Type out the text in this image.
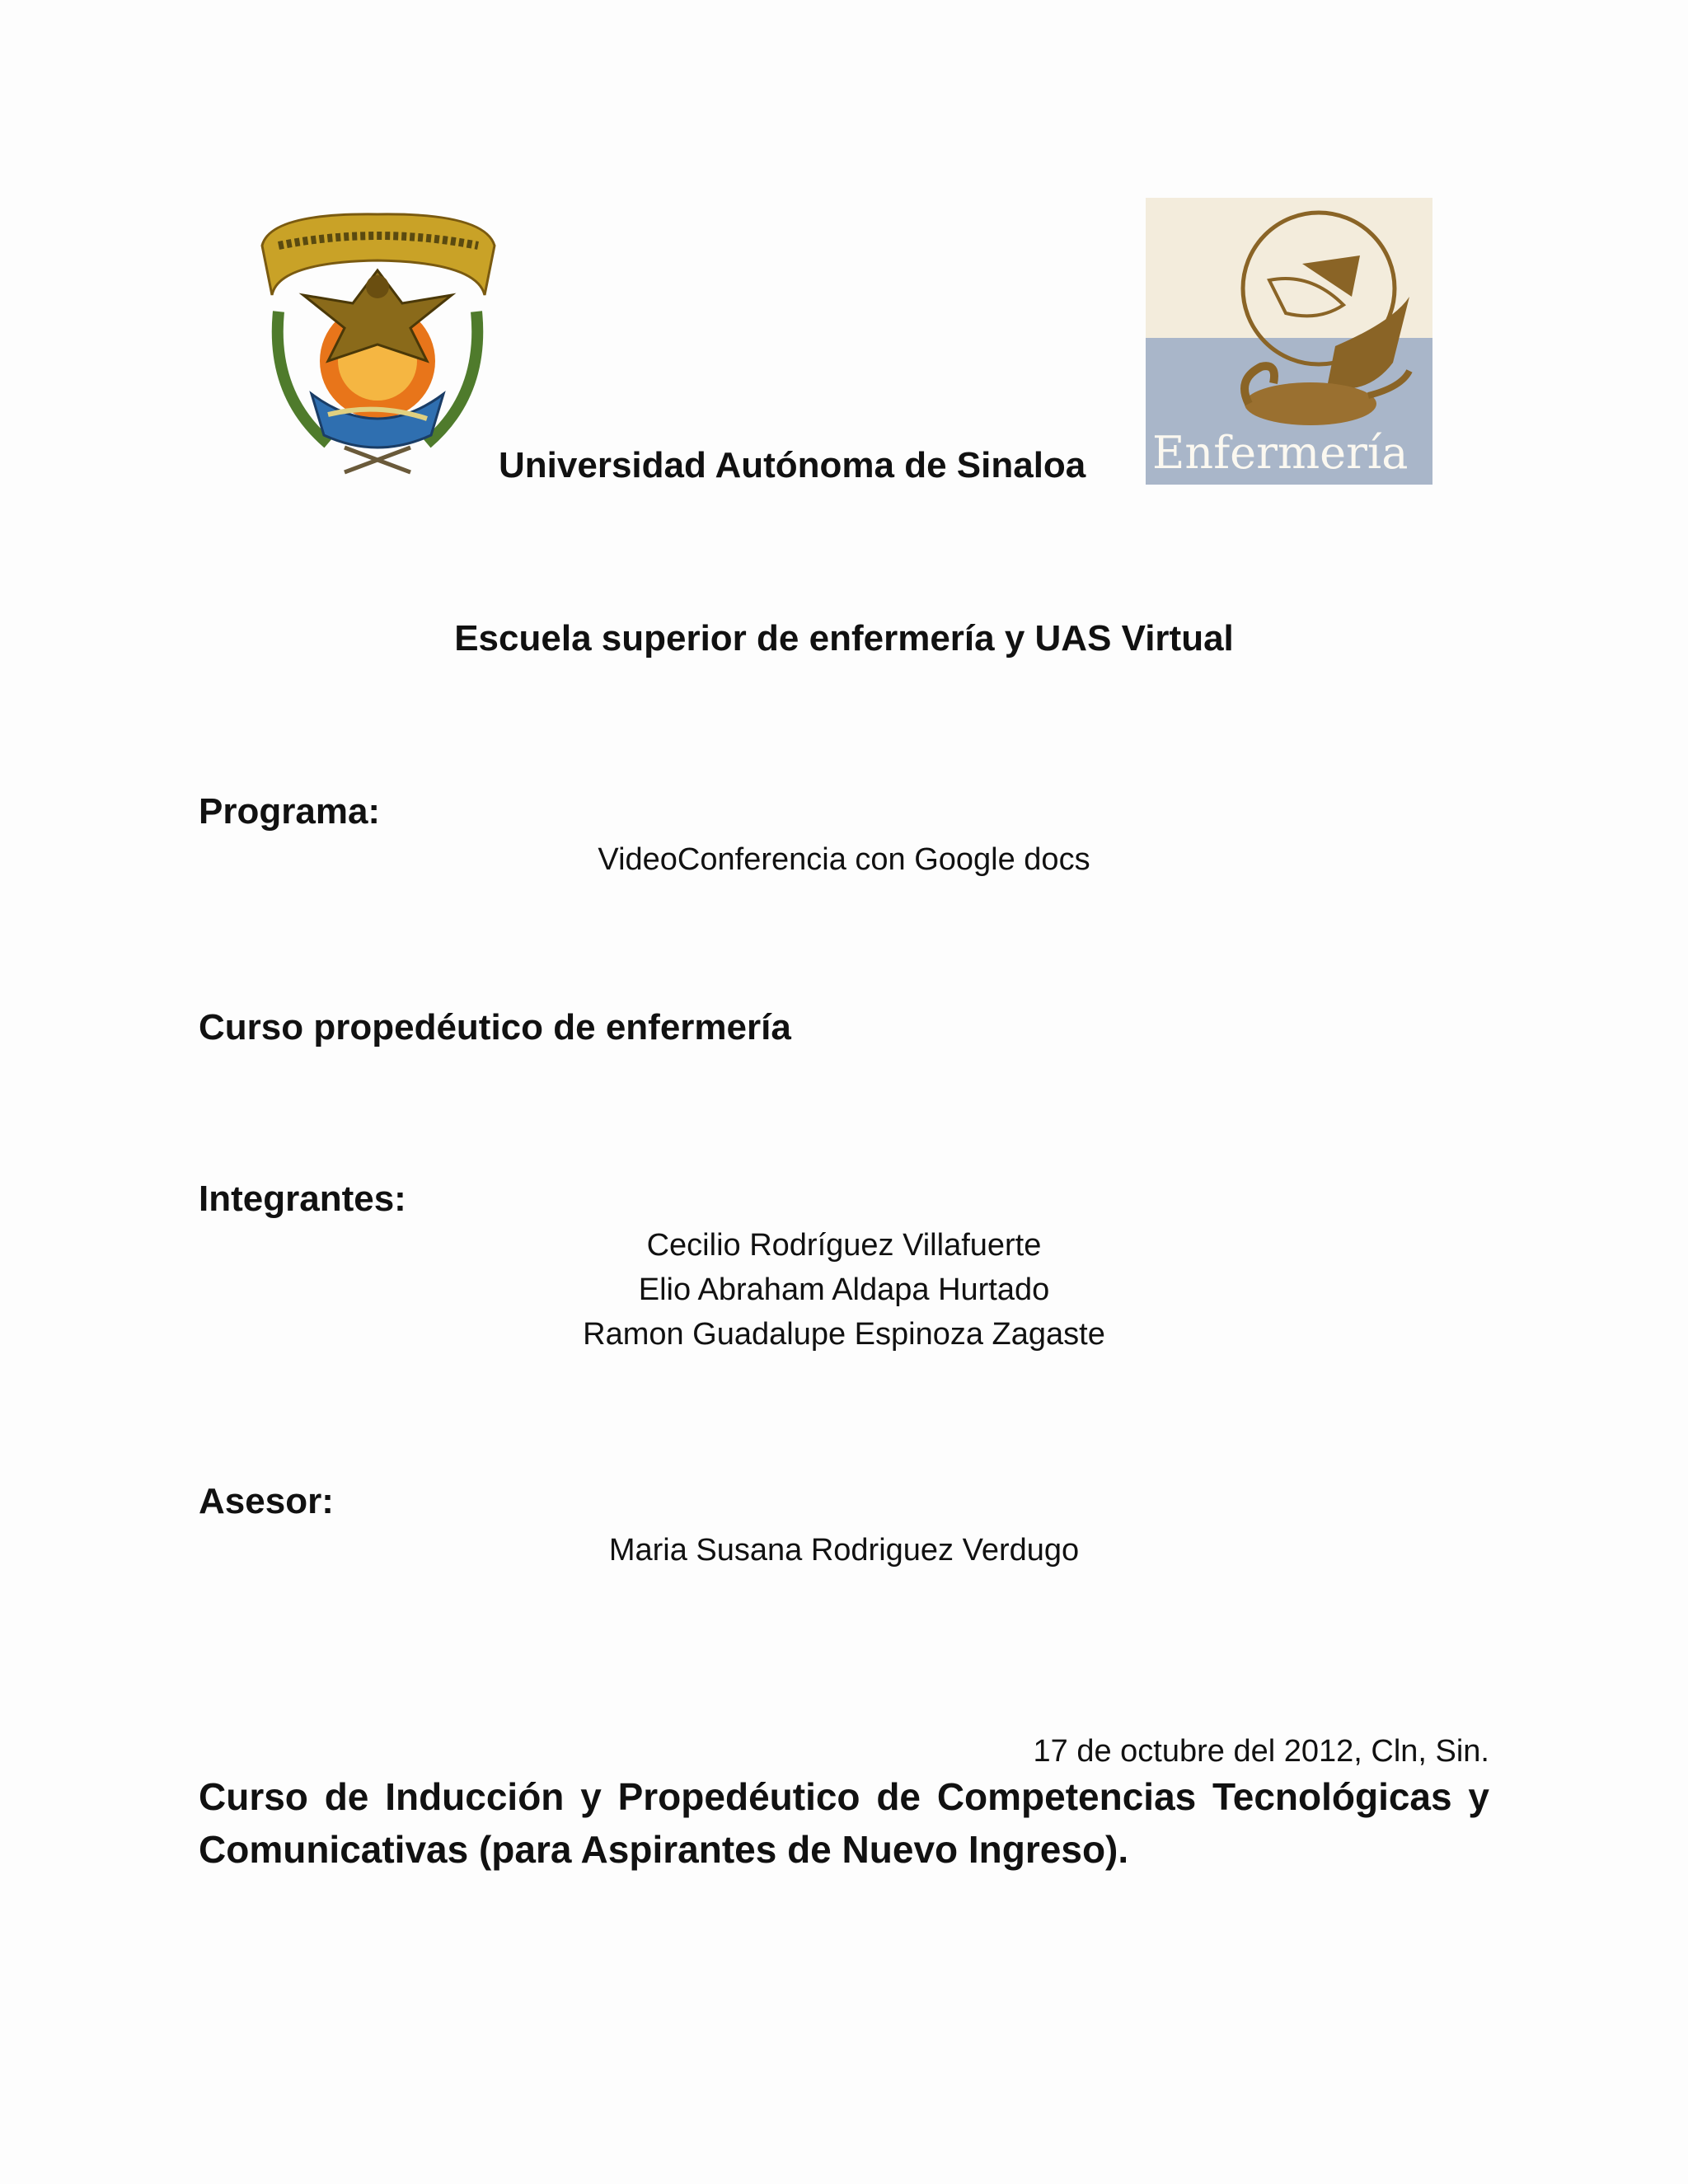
Universidad Autónoma de Sinaloa Enfermería
Escuela superior de enfermería y UAS Virtual
Programa:
VideoConferencia con Google docs
Curso propedéutico de enfermería
Integrantes:
Cecilio Rodríguez Villafuerte
Elio Abraham Aldapa Hurtado
Ramon Guadalupe Espinoza Zagaste
Asesor:
Maria Susana Rodriguez Verdugo
17 de octubre del 2012, Cln, Sin.
Curso de Inducción y Propedéutico de Competencias Tecnológicas y Comunicativas (para Aspirantes de Nuevo Ingreso).
